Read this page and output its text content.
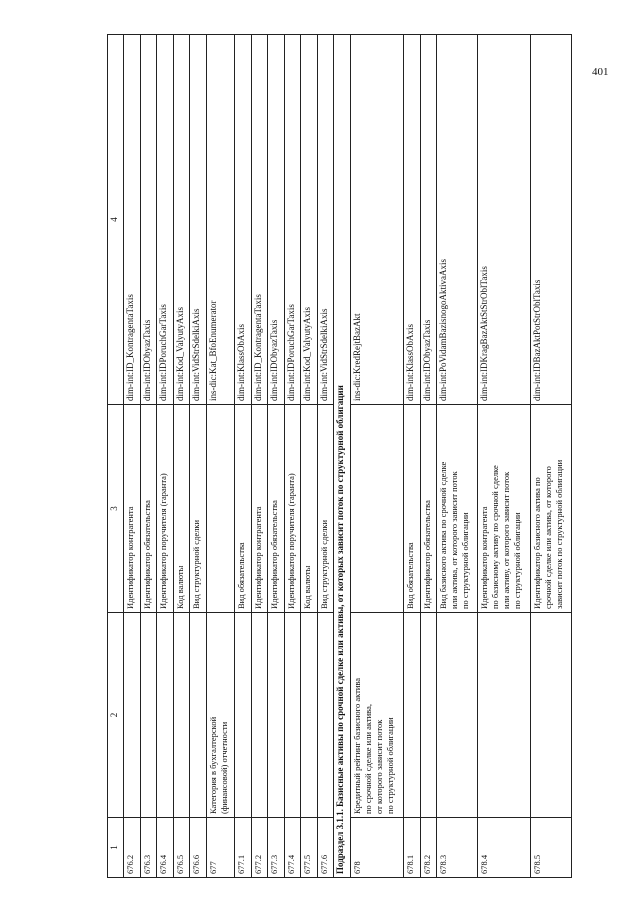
401
1	2	3	4
676.2		Идентификатор контрагента	dim-int:ID_KontragentaTaxis
676.3		Идентификатор обязательства	dim-int:IDObyazTaxis
676.4		Идентификатор поручителя (гаранта)	dim-int:IDPoruchGarTaxis
676.5		Код валюты	dim-int:Kod_ValyutyAxis
676.6		Вид структурной сделки	dim-int:VidStrSdelkiAxis
677	Категория в бухгалтерской (финансовой) отчетности		ins-dic:Kat_BfoEnumerator
677.1		Вид обязательства	dim-int:KlassObAxis
677.2		Идентификатор контрагента	dim-int:ID_KontragentaTaxis
677.3		Идентификатор обязательства	dim-int:IDObyazTaxis
677.4		Идентификатор поручителя (гаранта)	dim-int:IDPoruchGarTaxis
677.5		Код валюты	dim-int:Kod_ValyutyAxis
677.6		Вид структурной сделки	dim-int:VidStrSdelkiAxis
Подраздел 3.1.1. Базисные активы по срочной сделке или активы, от которых зависит поток по структурной облигации			
678	Кредитный рейтинг базисного актива по срочной сделке или актива, от которого зависит поток по структурной облигации		ins-dic:KredRejtBazAkt
678.1		Вид обязательства	dim-int:KlassObAxis
678.2		Идентификатор обязательства	dim-int:IDObyazTaxis
678.3		Вид базисного актива по срочной сделке или актива, от которого зависит поток по структурной облигации	dim-int:PoVidamBazisnogoAktivaAxis
678.4		Идентификатор контрагента по базисному активу по срочной сделке или активу, от которого зависит поток по структурной облигации	dim-int:IDKragBazAktStStrOblTaxis
678.5		Идентификатор базисного актива по срочной сделке или актива, от которого зависит поток по структурной облигации	dim-int:IDBazAktPotStrOblTaxis
